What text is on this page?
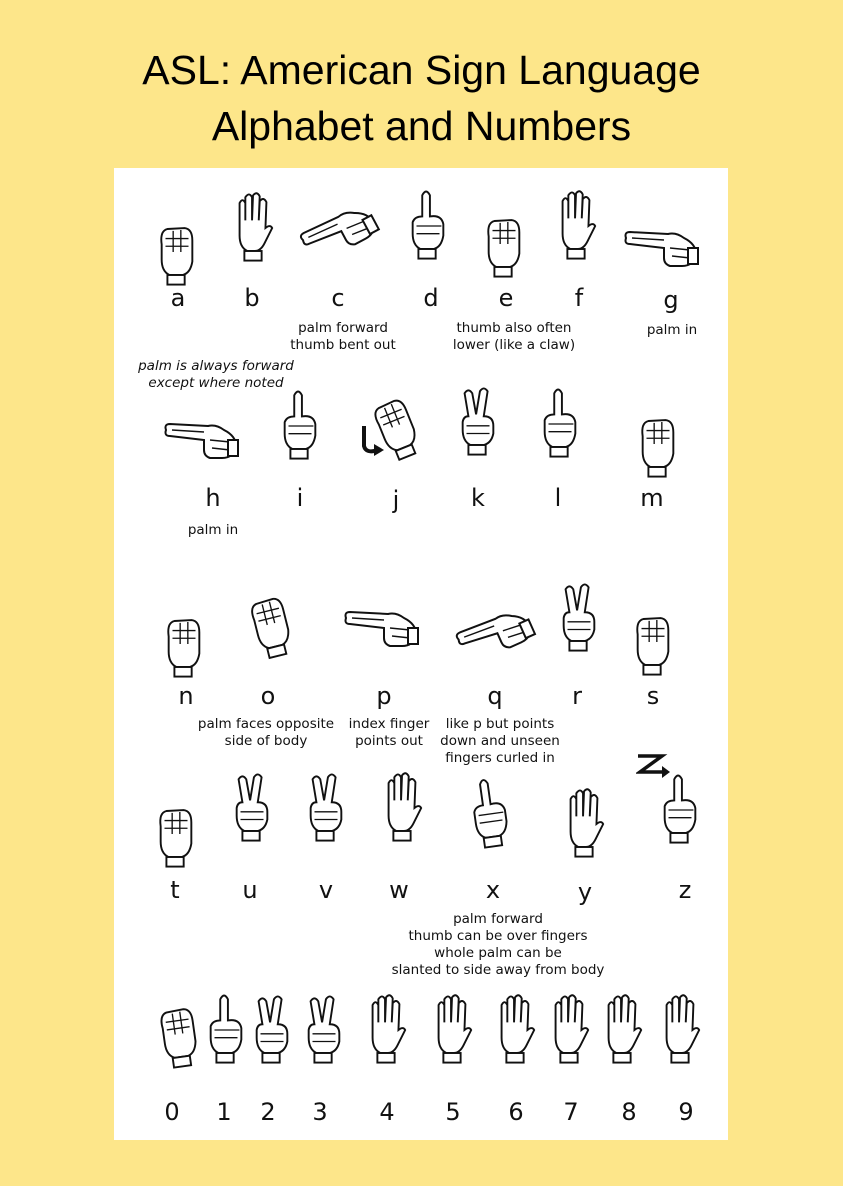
ASL: American Sign Language
Alphabet and Numbers
a	b	c	d	e	f	g
palm forward
thumb bent out
thumb also often
lower (like a claw)
palm in
palm is always forward
except where noted
h	i	j	k	l	m
palm in
n	o	p	q	r	s
palm faces opposite
side of body
index finger
points out
like p but points
down and unseen
fingers curled in
t	u	v	w	x	y	z
palm forward
thumb can be over fingers
whole palm can be
slanted to side away from body
0	1	2	3	4	5	6	7	8	9
